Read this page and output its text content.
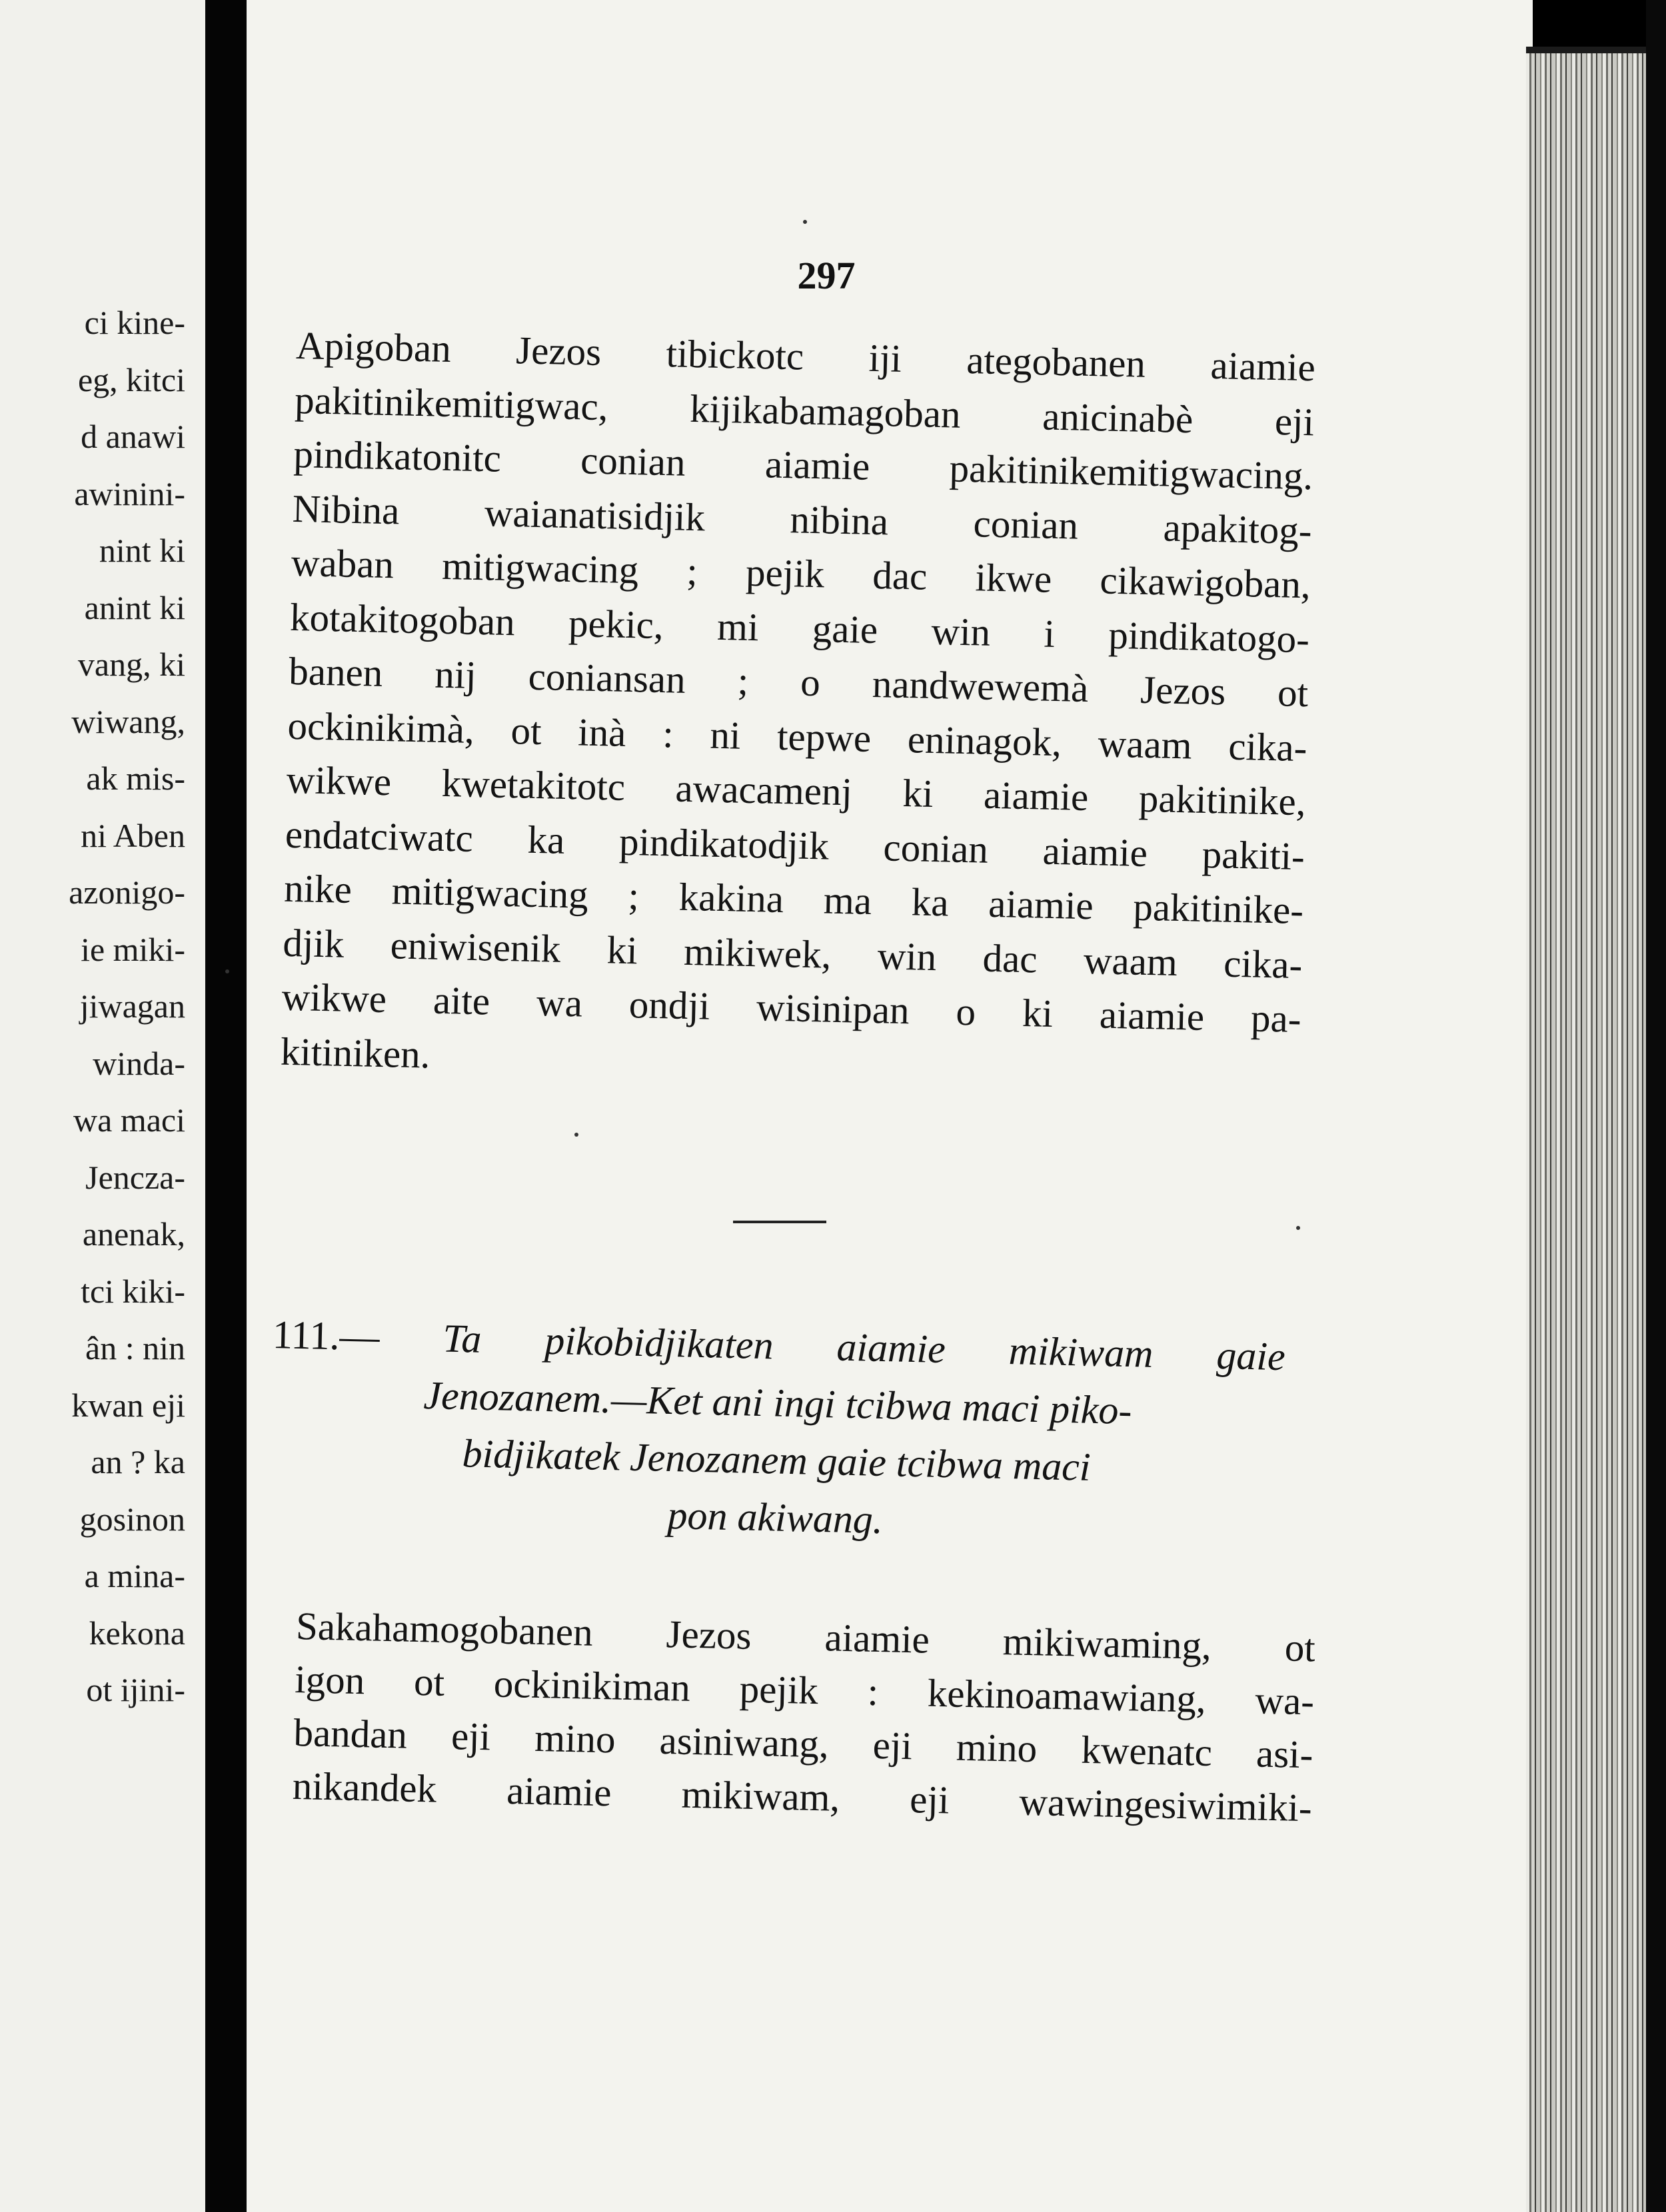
ci kine-
eg, kitci
d anawi
awinini-
nint ki
anint ki
vang, ki
wiwang,
ak mis-
ni Aben
azonigo-
ie miki-
jiwagan
winda-
wa maci
Jencza-
anenak,
tci kiki-
ân : nin
kwan eji
an ? ka
gosinon
a mina-
kekona
ot ijini-
297
Apigoban Jezos tibickotc iji ategobanen aiamie
pakitinikemitigwac, kijikabamagoban anicinabè eji
pindikatonitc conian aiamie pakitinikemitigwacing.
Nibina waianatisidjik nibina conian apakitog-
waban mitigwacing ; pejik dac ikwe cikawigoban,
kotakitogoban pekic, mi gaie win i pindikatogo-
banen nij coniansan ; o nandwewemà Jezos ot
ockinikimà, ot inà : ni tepwe eninagok, waam cika-
wikwe kwetakitotc awacamenj ki aiamie pakitinike,
endatciwatc ka pindikatodjik conian aiamie pakiti-
nike mitigwacing ; kakina ma ka aiamie pakitinike-
djik eniwisenik ki mikiwek, win dac waam cika-
wikwe aite wa ondji wisinipan o ki aiamie pa-
kitiniken.
111.— Ta pikobidjikaten aiamie mikiwam gaie
Jenozanem.—Ket ani ingi tcibwa maci piko-
bidjikatek Jenozanem gaie tcibwa maci
pon akiwang.
Sakahamogobanen Jezos aiamie mikiwaming, ot
igon ot ockinikiman pejik : kekinoamawiang, wa-
bandan eji mino asiniwang, eji mino kwenatc asi-
nikandek aiamie mikiwam, eji wawingesiwimiki-
